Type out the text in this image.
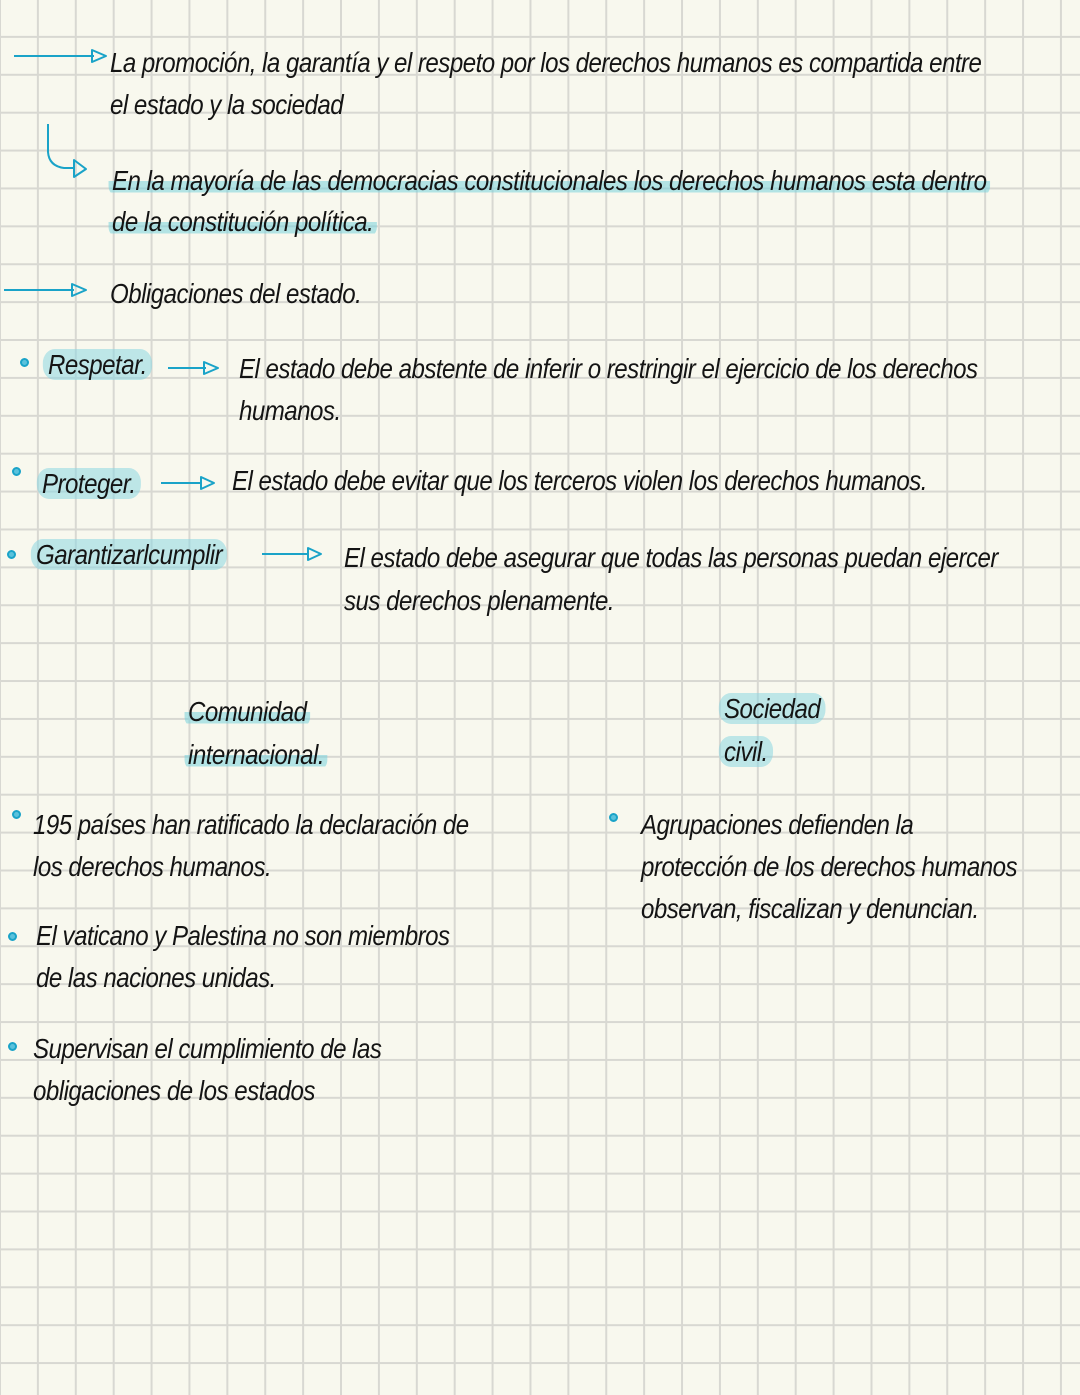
La promoción, la garantía y el respeto por los derechos humanos es compartida entre
el estado y la sociedad
En la mayoría de las democracias constitucionales los derechos humanos esta dentro
de la constitución política.
Obligaciones del estado.
Respetar.	El estado debe abstente de inferir o restringir el ejercicio de los derechos
humanos.
Proteger.	El estado debe evitar que los terceros violen los derechos humanos.
Garantizarlcumplir	El estado debe asegurar que todas las personas puedan ejercer
sus derechos plenamente.
Comunidad
internacional.
Sociedad
civil.
195 países han ratificado la declaración de
los derechos humanos.
El vaticano y Palestina no son miembros
de las naciones unidas.
Supervisan el cumplimiento de las
obligaciones de los estados
Agrupaciones defienden la
protección de los derechos humanos
observan, fiscalizan y denuncian.
